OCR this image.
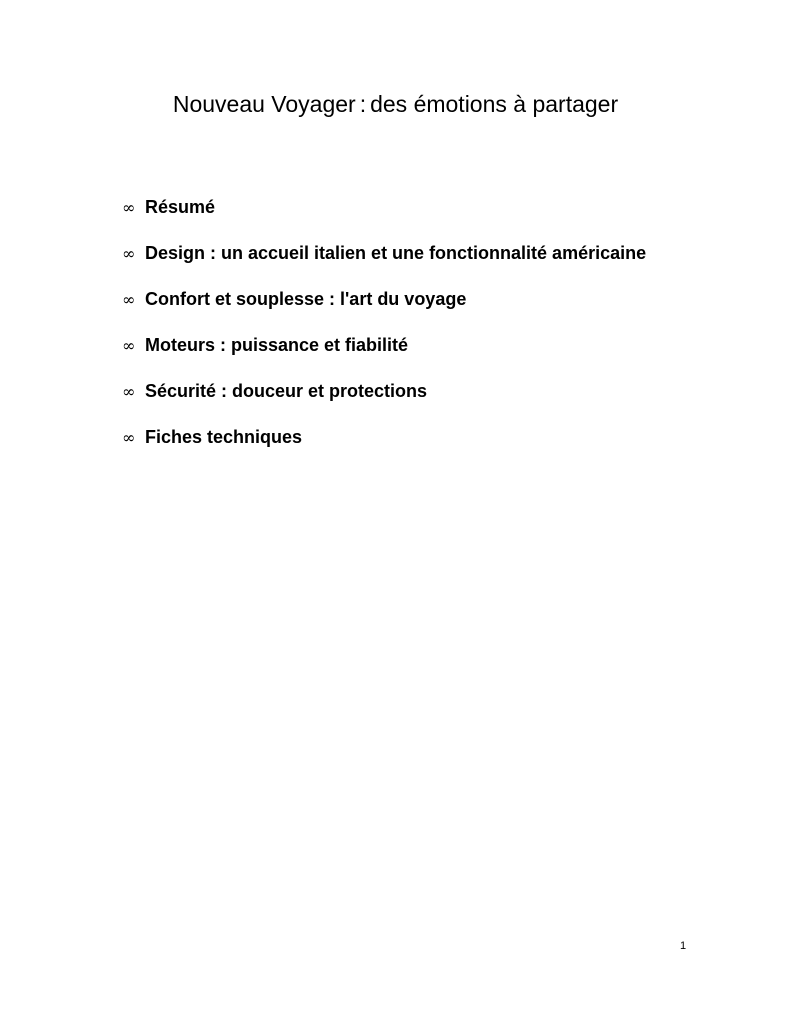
Nouveau Voyager : des émotions à partager
∞ Résumé
∞ Design : un accueil italien et une fonctionnalité américaine
∞ Confort et souplesse : l'art du voyage
∞ Moteurs : puissance et fiabilité
∞ Sécurité : douceur et protections
∞ Fiches techniques
1
